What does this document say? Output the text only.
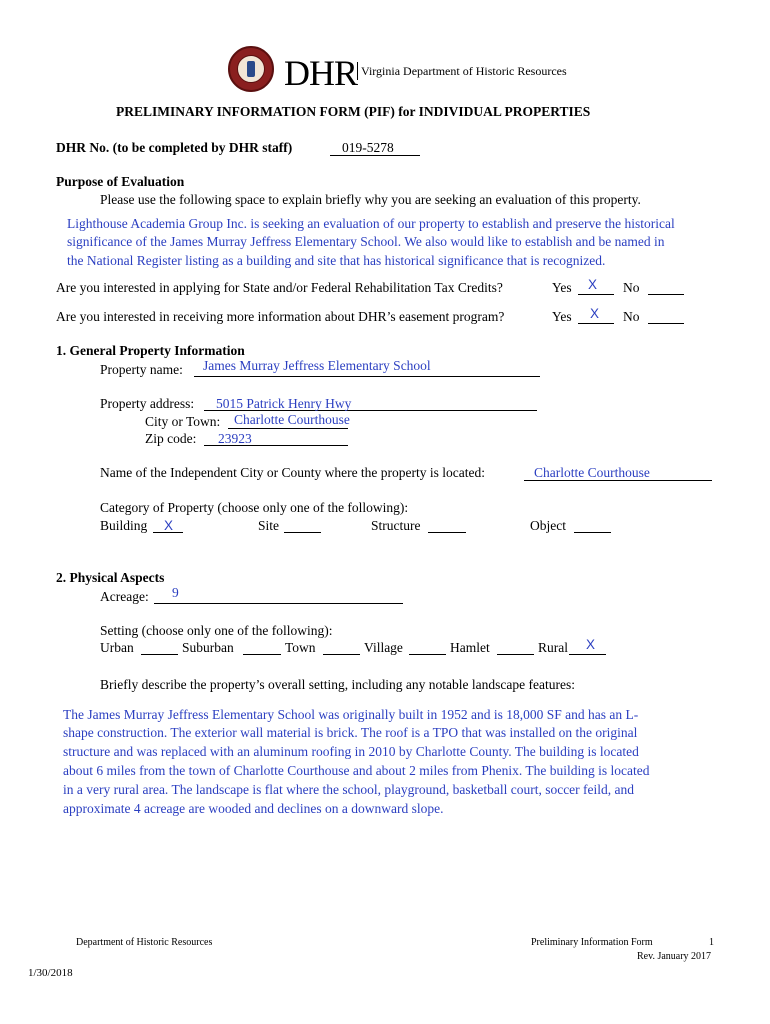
DHR Virginia Department of Historic Resources
PRELIMINARY INFORMATION FORM (PIF) for INDIVIDUAL PROPERTIES
DHR No. (to be completed by DHR staff)	019-5278
Purpose of Evaluation
Please use the following space to explain briefly why you are seeking an evaluation of this property.
Lighthouse Academia Group Inc. is seeking an evaluation of our property to establish and preserve the historical
significance of the James Murray Jeffress Elementary School. We also would like to establish and be named in
the National Register listing as a building and site that has historical significance that is recognized.
Are you interested in applying for State and/or Federal Rehabilitation Tax Credits?	Yes X No
Are you interested in receiving more information about DHR’s easement program?	Yes X No
1. General Property Information
Property name: James Murray Jeffress Elementary School
Property address: 5015 Patrick Henry Hwy
City or Town: Charlotte Courthouse
Zip code: 23923
Name of the Independent City or County where the property is located:	Charlotte Courthouse
Category of Property (choose only one of the following):
Building X	Site	Structure	Object
2. Physical Aspects
Acreage: 9
Setting (choose only one of the following):
Urban	Suburban	Town	Village	Hamlet	Rural X
Briefly describe the property’s overall setting, including any notable landscape features:
The James Murray Jeffress Elementary School was originally built in 1952 and is 18,000 SF and has an L-
shape construction. The exterior wall material is brick. The roof is a TPO that was installed on the original
structure and was replaced with an aluminum roofing in 2010 by Charlotte County. The building is located
about 6 miles from the town of Charlotte Courthouse and about 2 miles from Phenix. The building is located
in a very rural area. The landscape is flat where the school, playground, basketball court, soccer feild, and
approximate 4 acreage are wooded and declines on a downward slope.
Department of Historic Resources	Preliminary Information Form	1
Rev. January 2017
1/30/2018
